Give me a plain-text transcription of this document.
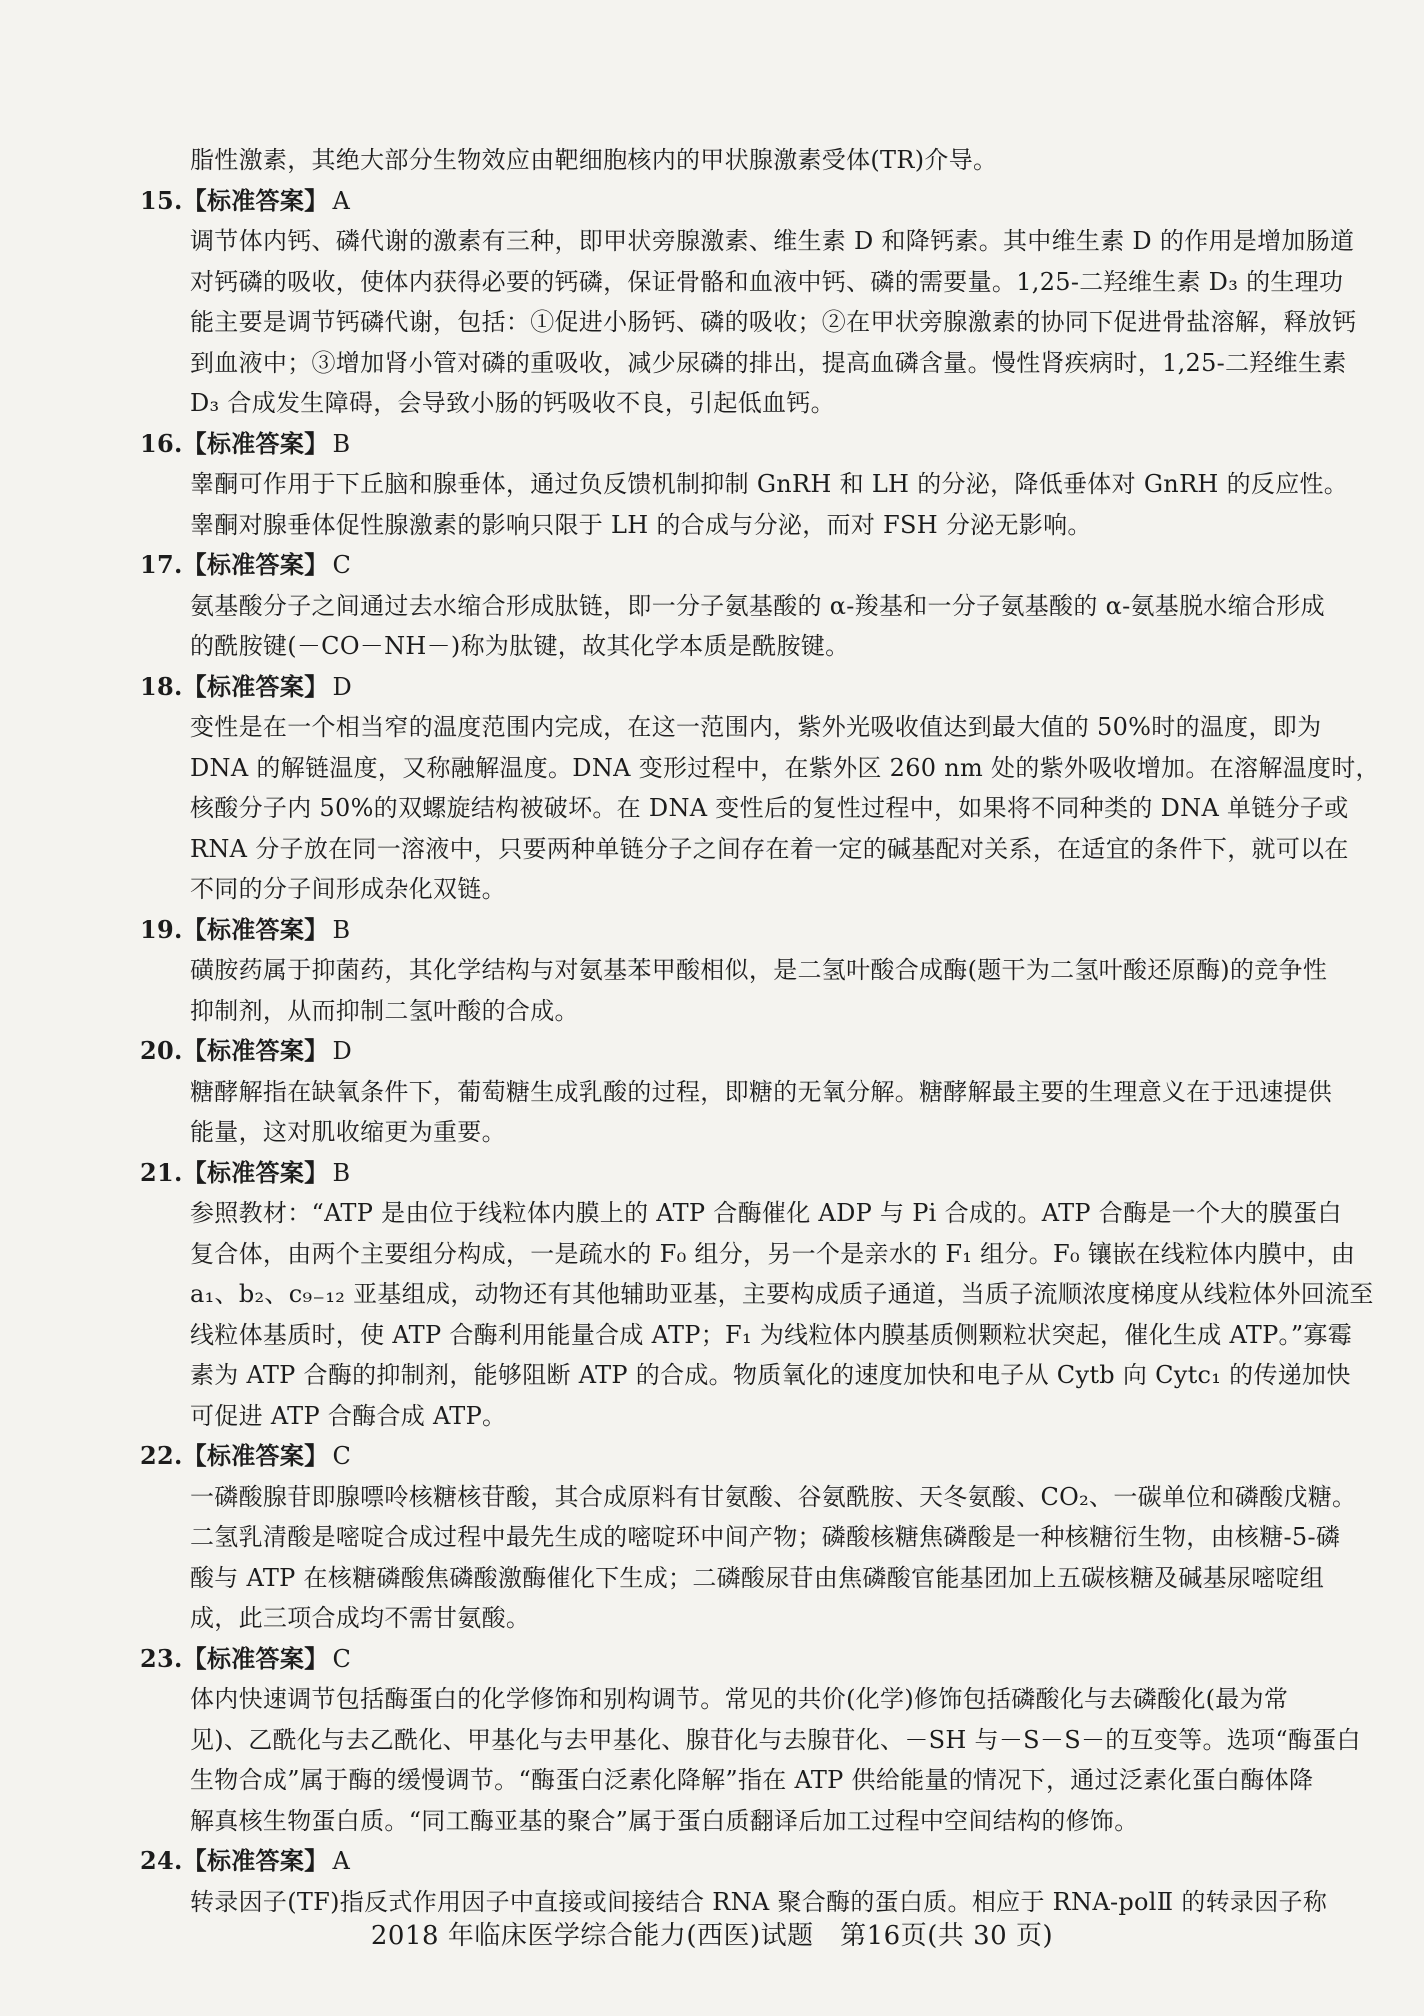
脂性激素，其绝大部分生物效应由靶细胞核内的甲状腺激素受体(TR)介导。
15.【标准答案】 A
调节体内钙、磷代谢的激素有三种，即甲状旁腺激素、维生素 D 和降钙素。其中维生素 D 的作用是增加肠道
对钙磷的吸收，使体内获得必要的钙磷，保证骨骼和血液中钙、磷的需要量。1,25-二羟维生素 D₃ 的生理功
能主要是调节钙磷代谢，包括：①促进小肠钙、磷的吸收；②在甲状旁腺激素的协同下促进骨盐溶解，释放钙
到血液中；③增加肾小管对磷的重吸收，减少尿磷的排出，提高血磷含量。慢性肾疾病时，1,25-二羟维生素
D₃ 合成发生障碍，会导致小肠的钙吸收不良，引起低血钙。
16.【标准答案】 B
睾酮可作用于下丘脑和腺垂体，通过负反馈机制抑制 GnRH 和 LH 的分泌，降低垂体对 GnRH 的反应性。
睾酮对腺垂体促性腺激素的影响只限于 LH 的合成与分泌，而对 FSH 分泌无影响。
17.【标准答案】 C
氨基酸分子之间通过去水缩合形成肽链，即一分子氨基酸的 α-羧基和一分子氨基酸的 α-氨基脱水缩合形成
的酰胺键(－CO－NH－)称为肽键，故其化学本质是酰胺键。
18.【标准答案】 D
变性是在一个相当窄的温度范围内完成，在这一范围内，紫外光吸收值达到最大值的 50%时的温度，即为
DNA 的解链温度，又称融解温度。DNA 变形过程中，在紫外区 260 nm 处的紫外吸收增加。在溶解温度时，
核酸分子内 50%的双螺旋结构被破坏。在 DNA 变性后的复性过程中，如果将不同种类的 DNA 单链分子或
RNA 分子放在同一溶液中，只要两种单链分子之间存在着一定的碱基配对关系，在适宜的条件下，就可以在
不同的分子间形成杂化双链。
19.【标准答案】 B
磺胺药属于抑菌药，其化学结构与对氨基苯甲酸相似，是二氢叶酸合成酶(题干为二氢叶酸还原酶)的竞争性
抑制剂，从而抑制二氢叶酸的合成。
20.【标准答案】 D
糖酵解指在缺氧条件下，葡萄糖生成乳酸的过程，即糖的无氧分解。糖酵解最主要的生理意义在于迅速提供
能量，这对肌收缩更为重要。
21.【标准答案】 B
参照教材：“ATP 是由位于线粒体内膜上的 ATP 合酶催化 ADP 与 Pi 合成的。ATP 合酶是一个大的膜蛋白
复合体，由两个主要组分构成，一是疏水的 F₀ 组分，另一个是亲水的 F₁ 组分。F₀ 镶嵌在线粒体内膜中，由
a₁、b₂、c₉₋₁₂ 亚基组成，动物还有其他辅助亚基，主要构成质子通道，当质子流顺浓度梯度从线粒体外回流至
线粒体基质时，使 ATP 合酶利用能量合成 ATP；F₁ 为线粒体内膜基质侧颗粒状突起，催化生成 ATP。”寡霉
素为 ATP 合酶的抑制剂，能够阻断 ATP 的合成。物质氧化的速度加快和电子从 Cytb 向 Cytc₁ 的传递加快
可促进 ATP 合酶合成 ATP。
22.【标准答案】 C
一磷酸腺苷即腺嘌呤核糖核苷酸，其合成原料有甘氨酸、谷氨酰胺、天冬氨酸、CO₂、一碳单位和磷酸戊糖。
二氢乳清酸是嘧啶合成过程中最先生成的嘧啶环中间产物；磷酸核糖焦磷酸是一种核糖衍生物，由核糖-5-磷
酸与 ATP 在核糖磷酸焦磷酸激酶催化下生成；二磷酸尿苷由焦磷酸官能基团加上五碳核糖及碱基尿嘧啶组
成，此三项合成均不需甘氨酸。
23.【标准答案】 C
体内快速调节包括酶蛋白的化学修饰和别构调节。常见的共价(化学)修饰包括磷酸化与去磷酸化(最为常
见)、乙酰化与去乙酰化、甲基化与去甲基化、腺苷化与去腺苷化、－SH 与－S－S－的互变等。选项“酶蛋白
生物合成”属于酶的缓慢调节。“酶蛋白泛素化降解”指在 ATP 供给能量的情况下，通过泛素化蛋白酶体降
解真核生物蛋白质。“同工酶亚基的聚合”属于蛋白质翻译后加工过程中空间结构的修饰。
24.【标准答案】 A
转录因子(TF)指反式作用因子中直接或间接结合 RNA 聚合酶的蛋白质。相应于 RNA-polⅡ 的转录因子称
2018 年临床医学综合能力(西医)试题　第16页(共 30 页)
